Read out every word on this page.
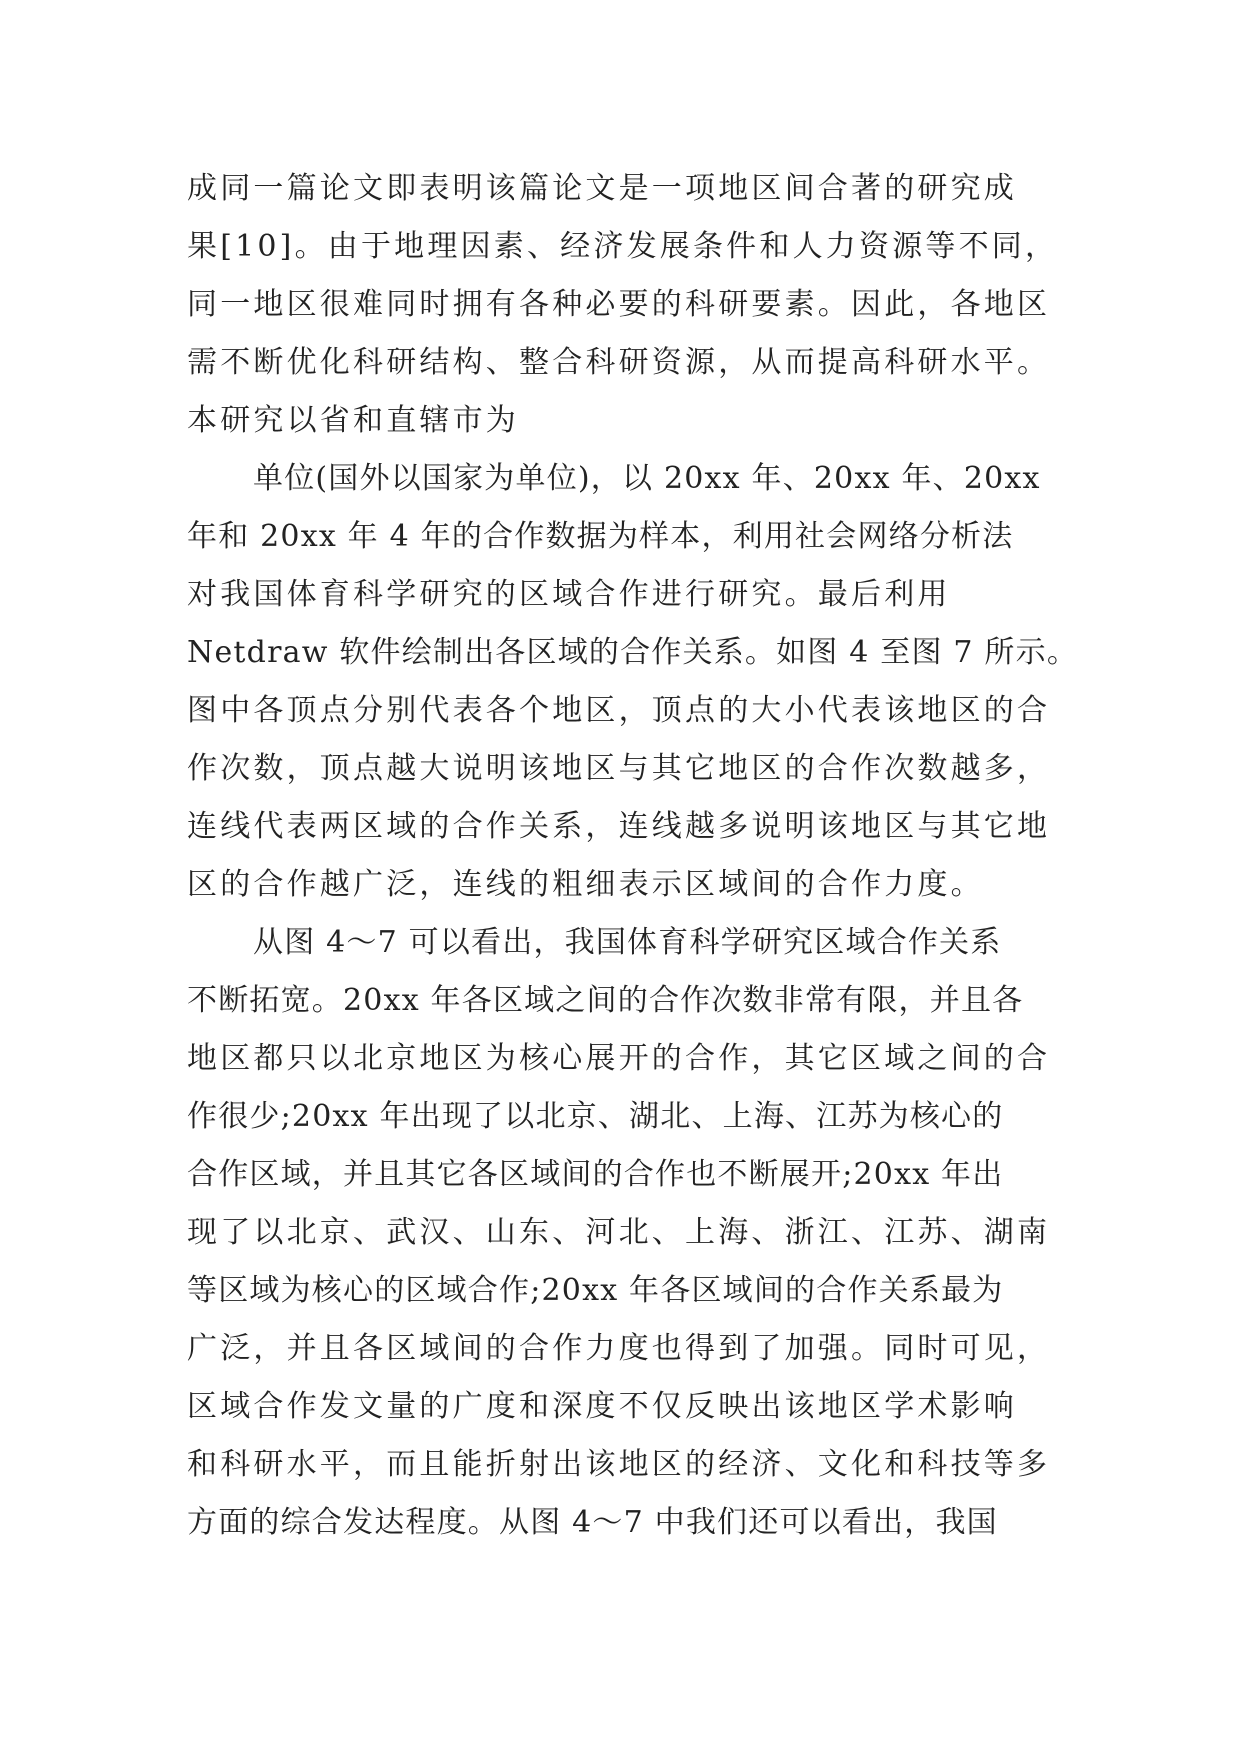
成同一篇论文即表明该篇论文是一项地区间合著的研究成
果[10]。由于地理因素、经济发展条件和人力资源等不同，
同一地区很难同时拥有各种必要的科研要素。因此，各地区
需不断优化科研结构、整合科研资源，从而提高科研水平。
本研究以省和直辖市为
单位(国外以国家为单位)，以 20xx 年、20xx 年、20xx
年和 20xx 年 4 年的合作数据为样本，利用社会网络分析法
对我国体育科学研究的区域合作进行研究。最后利用
Netdraw 软件绘制出各区域的合作关系。如图 4 至图 7 所示。
图中各顶点分别代表各个地区，顶点的大小代表该地区的合
作次数，顶点越大说明该地区与其它地区的合作次数越多，
连线代表两区域的合作关系，连线越多说明该地区与其它地
区的合作越广泛，连线的粗细表示区域间的合作力度。
从图 4～7 可以看出，我国体育科学研究区域合作关系
不断拓宽。20xx 年各区域之间的合作次数非常有限，并且各
地区都只以北京地区为核心展开的合作，其它区域之间的合
作很少;20xx 年出现了以北京、湖北、上海、江苏为核心的
合作区域，并且其它各区域间的合作也不断展开;20xx 年出
现了以北京、武汉、山东、河北、上海、浙江、江苏、湖南
等区域为核心的区域合作;20xx 年各区域间的合作关系最为
广泛，并且各区域间的合作力度也得到了加强。同时可见，
区域合作发文量的广度和深度不仅反映出该地区学术影响
和科研水平，而且能折射出该地区的经济、文化和科技等多
方面的综合发达程度。从图 4～7 中我们还可以看出，我国
